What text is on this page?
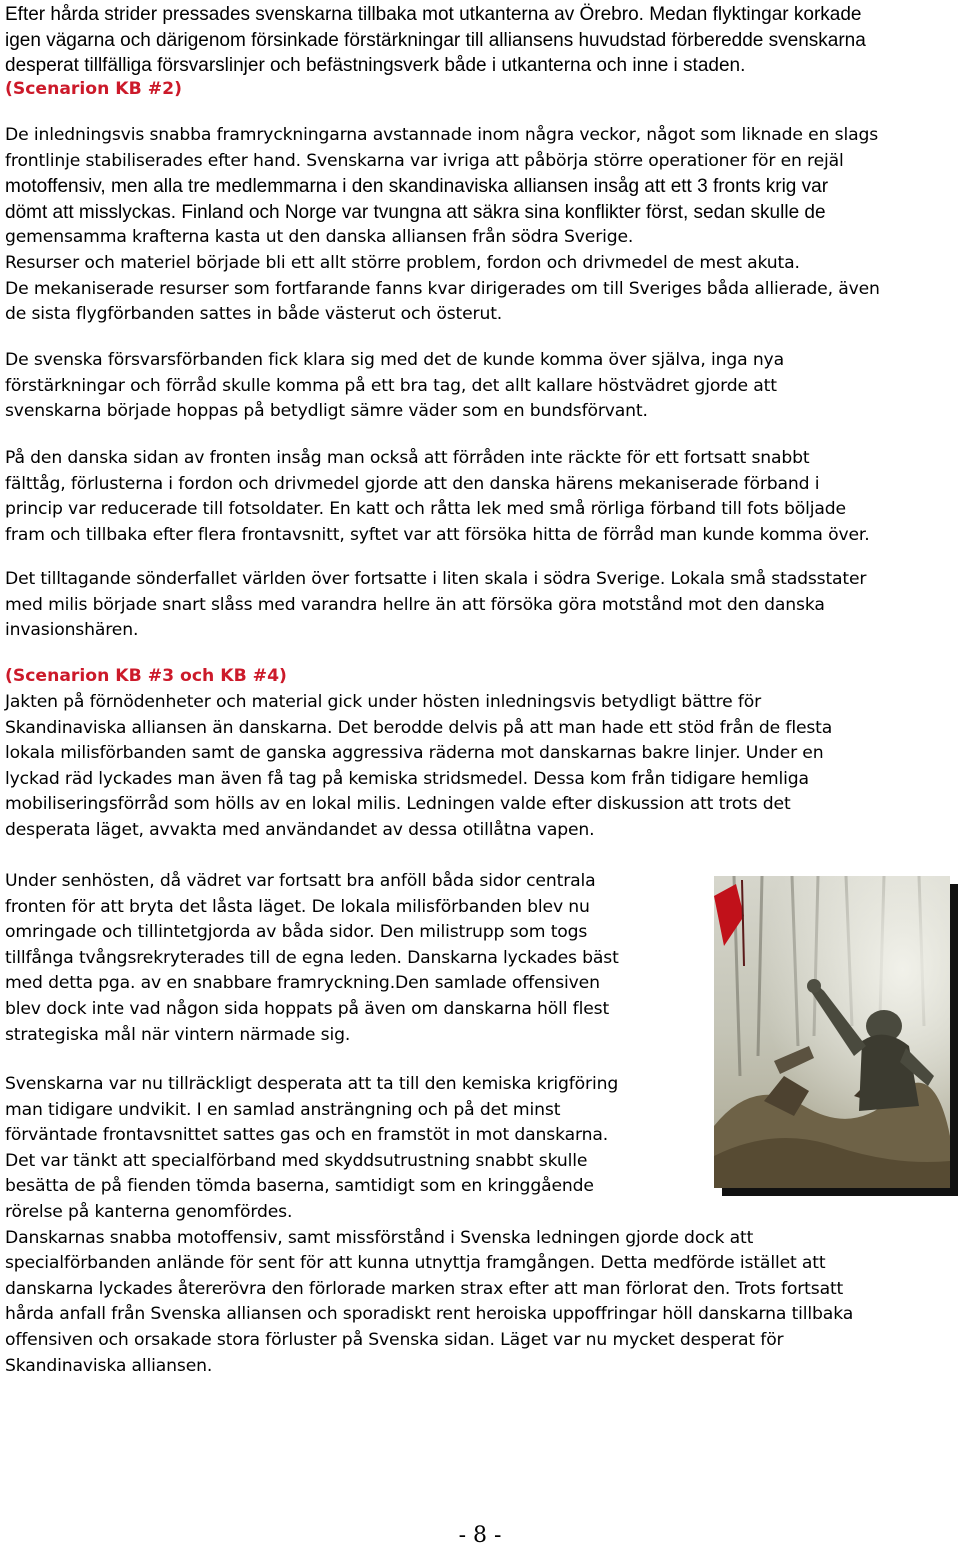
Efter hårda strider pressades svenskarna tillbaka mot utkanterna av Örebro. Medan flyktingar korkade
igen vägarna och därigenom försinkade förstärkningar till alliansens huvudstad förberedde svenskarna
desperat tillfälliga försvarslinjer och befästningsverk både i utkanterna och inne i staden.
(Scenarion KB #2)
De inledningsvis snabba framryckningarna avstannade inom några veckor, något som liknade en slags
frontlinje stabiliserades efter hand. Svenskarna var ivriga att påbörja större operationer för en rejäl
motoffensiv, men alla tre medlemmarna i den skandinaviska alliansen insåg att ett 3 fronts krig var
dömt att misslyckas. Finland och Norge var tvungna att säkra sina konflikter först, sedan skulle de
gemensamma krafterna kasta ut den danska alliansen från södra Sverige.
Resurser och materiel började bli ett allt större problem, fordon och drivmedel de mest akuta.
De mekaniserade resurser som fortfarande fanns kvar dirigerades om till Sveriges båda allierade, även
de sista flygförbanden sattes in både västerut och österut.
De svenska försvarsförbanden fick klara sig med det de kunde komma över själva, inga nya
förstärkningar och förråd skulle komma på ett bra tag, det allt kallare höstvädret gjorde att
svenskarna började hoppas på betydligt sämre väder som en bundsförvant.
På den danska sidan av fronten insåg man också att förråden inte räckte för ett fortsatt snabbt
fälttåg, förlusterna i fordon och drivmedel gjorde att den danska härens mekaniserade förband i
princip var reducerade till fotsoldater. En katt och råtta lek med små rörliga förband till fots böljade
fram och tillbaka efter flera frontavsnitt, syftet var att försöka hitta de förråd man kunde komma över.
Det tilltagande sönderfallet världen över fortsatte i liten skala i södra Sverige. Lokala små stadsstater
med milis började snart slåss med varandra hellre än att försöka göra motstånd mot den danska
invasionshären.
(Scenarion KB #3 och KB #4)
Jakten på förnödenheter och material gick under hösten inledningsvis betydligt bättre för
Skandinaviska alliansen än danskarna. Det berodde delvis på att man hade ett stöd från de flesta
lokala milisförbanden samt de ganska aggressiva räderna mot danskarnas bakre linjer. Under en
lyckad räd lyckades man även få tag på kemiska stridsmedel. Dessa kom från tidigare hemliga
mobiliseringsförråd som hölls av en lokal milis. Ledningen valde efter diskussion att trots det
desperata läget, avvakta med användandet av dessa otillåtna vapen.
Under senhösten, då vädret var fortsatt bra anföll båda sidor centrala
fronten för att bryta det låsta läget. De lokala milisförbanden blev nu
omringade och tillintetgjorda av båda sidor. Den milistrupp som togs
tillfånga tvångsrekryterades till de egna leden. Danskarna lyckades bäst
med detta pga. av en snabbare framryckning.Den samlade offensiven
blev dock inte vad någon sida hoppats på även om danskarna höll flest
strategiska mål när vintern närmade sig.
Svenskarna var nu tillräckligt desperata att ta till den kemiska krigföring
man tidigare undvikit. I en samlad ansträngning och på det minst
förväntade frontavsnittet sattes gas och en framstöt in mot danskarna.
Det var tänkt att specialförband med skyddsutrustning snabbt skulle
besätta de på fienden tömda baserna, samtidigt som en kringgående
rörelse på kanterna genomfördes.
Danskarnas snabba motoffensiv, samt missförstånd i Svenska ledningen gjorde dock att
specialförbanden anlände för sent för att kunna utnyttja framgången. Detta medförde istället att
danskarna lyckades återerövra den förlorade marken strax efter att man förlorat den. Trots fortsatt
hårda anfall från Svenska alliansen och sporadiskt rent heroiska uppoffringar höll danskarna tillbaka
offensiven och orsakade stora förluster på Svenska sidan. Läget var nu mycket desperat för
Skandinaviska alliansen.
- 8 -
